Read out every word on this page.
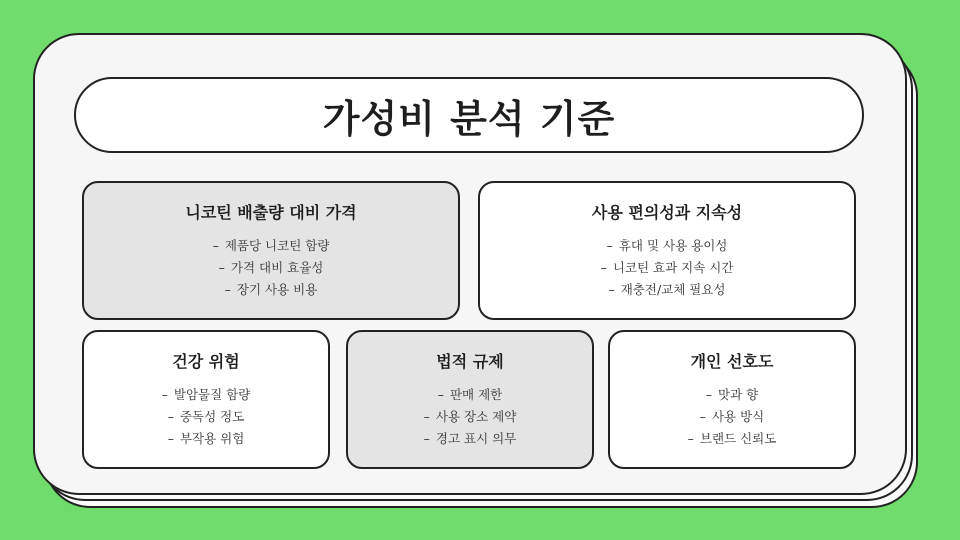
가성비 분석 기준
니코틴 배출량 대비 가격
– 제품당 니코틴 함량
– 가격 대비 효율성
– 장기 사용 비용
사용 편의성과 지속성
– 휴대 및 사용 용이성
– 니코틴 효과 지속 시간
– 재충전/교체 필요성
건강 위험
– 발암물질 함량
– 중독성 정도
– 부작용 위험
법적 규제
– 판매 제한
– 사용 장소 제약
– 경고 표시 의무
개인 선호도
– 맛과 향
– 사용 방식
– 브랜드 신뢰도
